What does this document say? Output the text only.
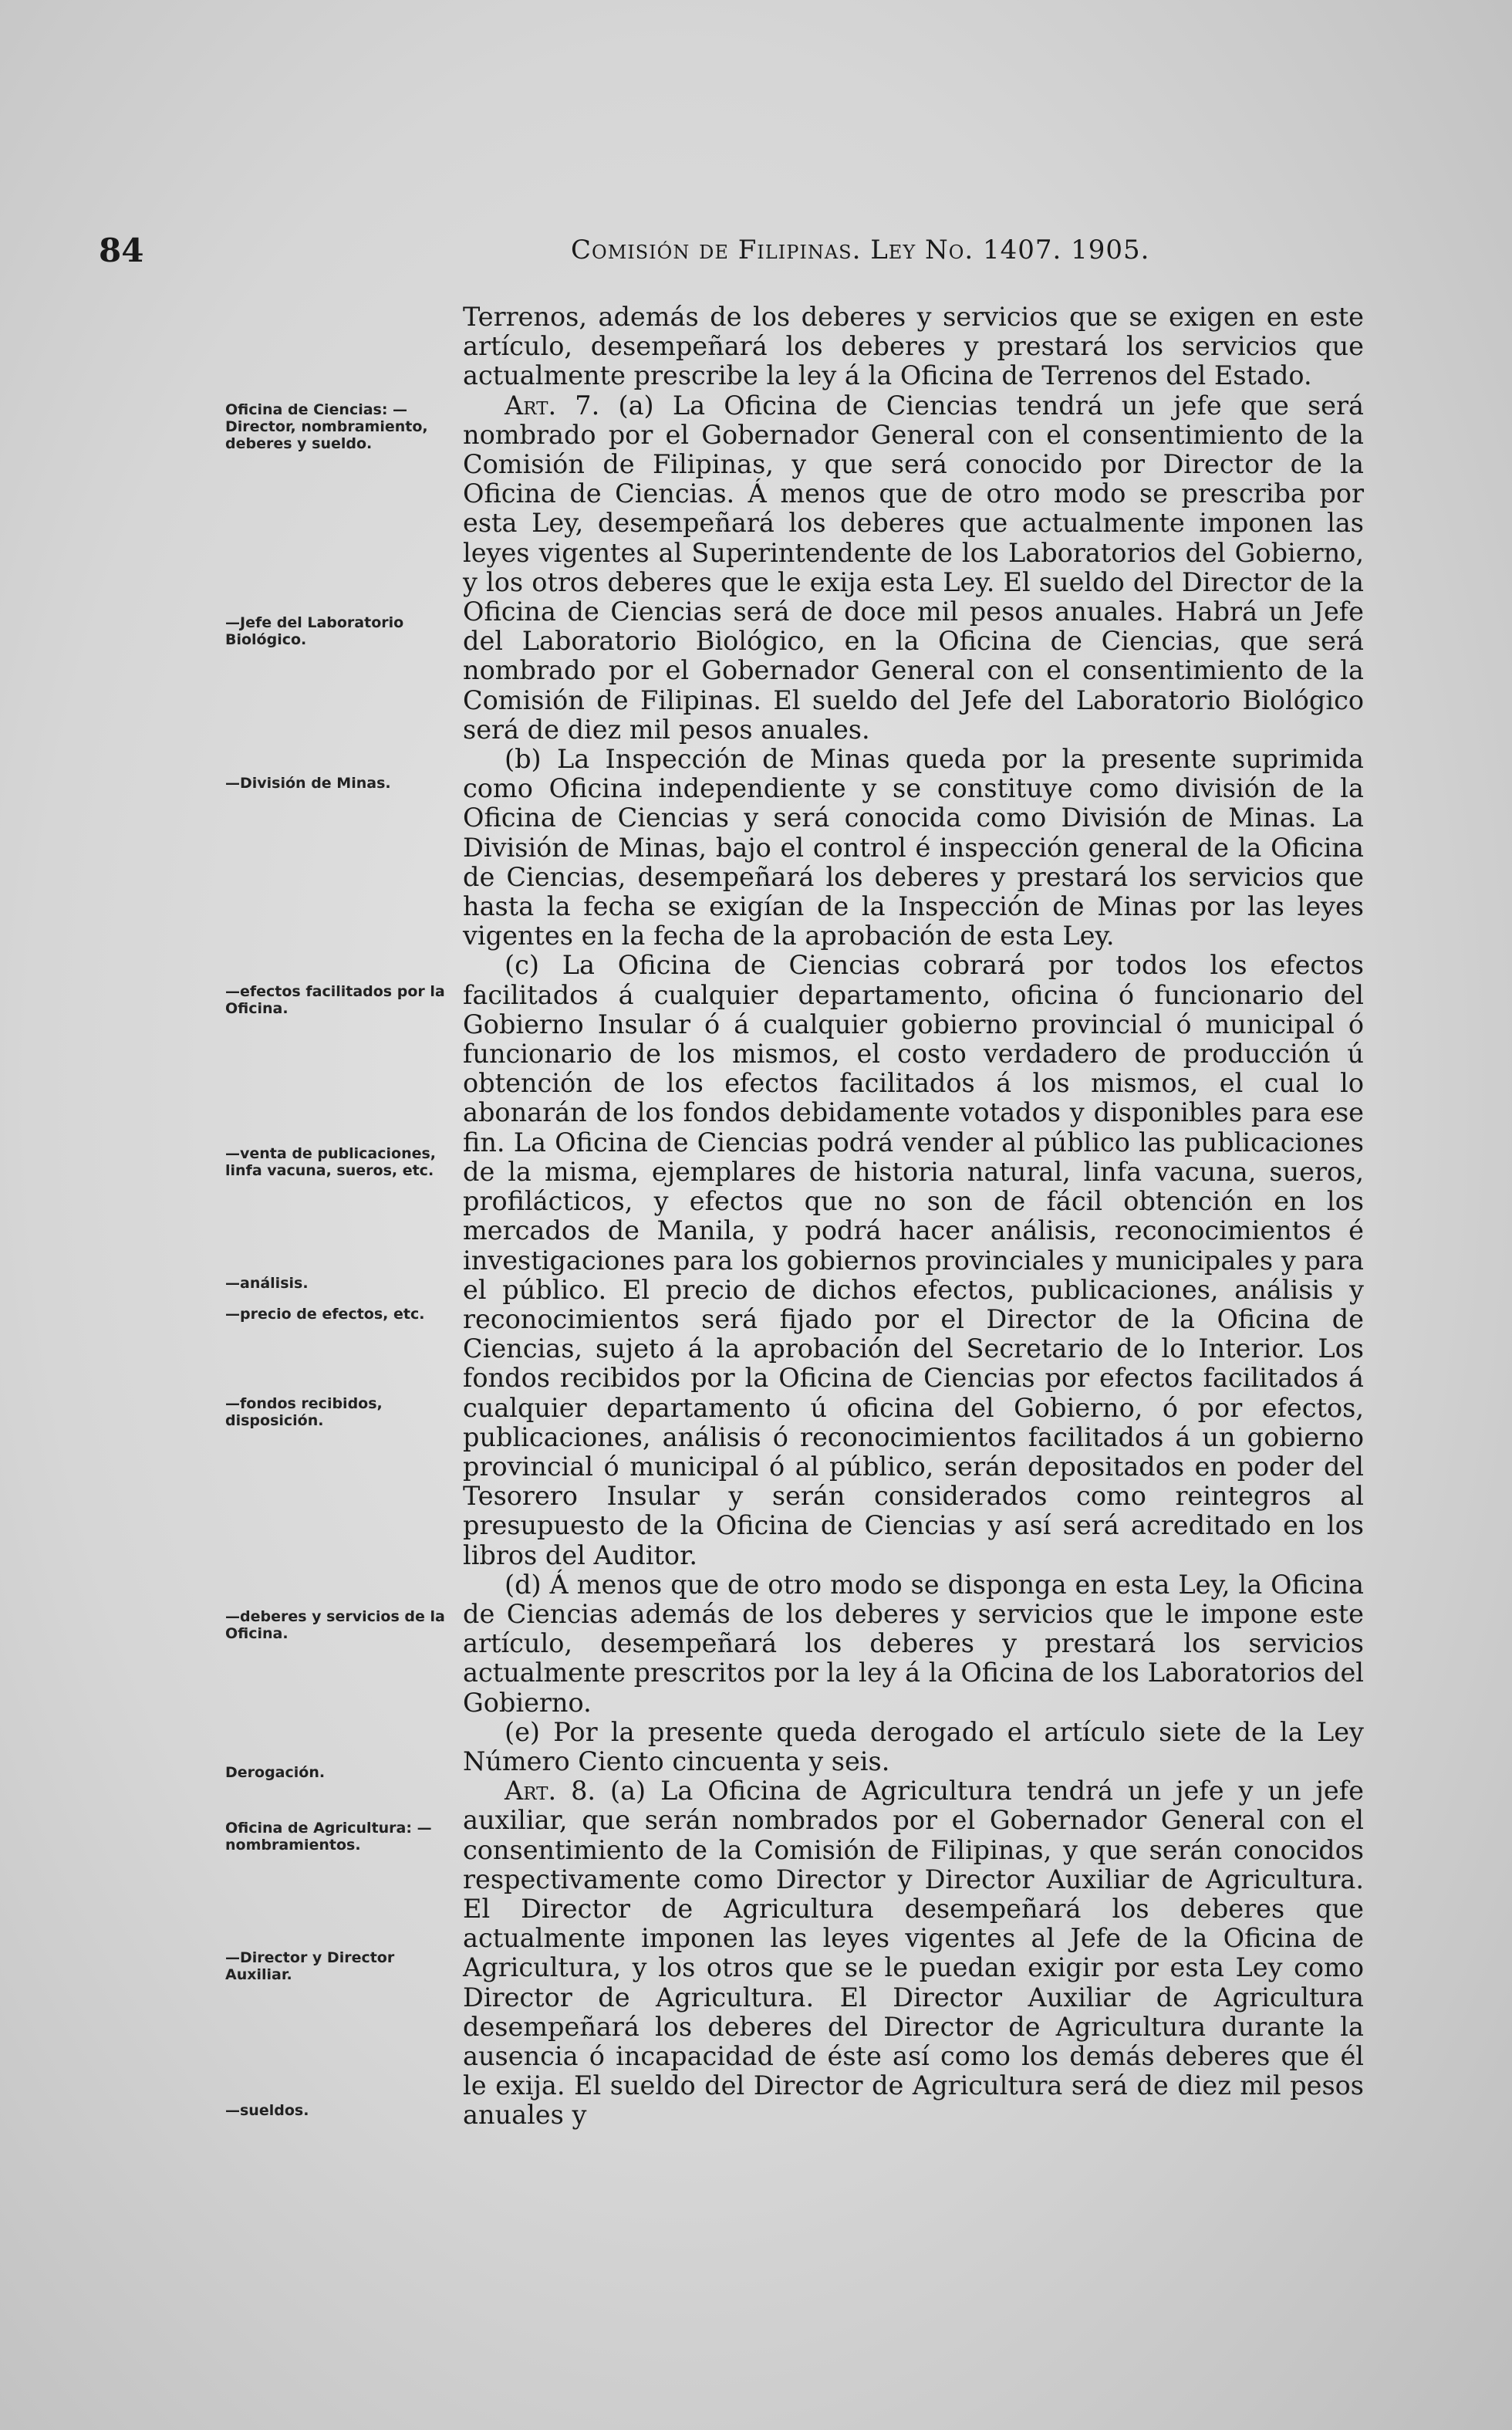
84	Comisión de Filipinas. Ley No. 1407. 1905.
Oficina de Ciencias: —Director, nombramiento, deberes y sueldo.
—Jefe del Laboratorio Biológico.
—División de Minas.
—efectos facilitados por la Oficina.
—venta de publicaciones, linfa vacuna, sueros, etc.
—análisis.
—precio de efectos, etc.
—fondos recibidos, disposición.
—deberes y servicios de la Oficina.
Derogación.
Oficina de Agricultura: —nombramientos.
—Director y Director Auxiliar.
—sueldos.

Terrenos, además de los deberes y servicios que se exigen en este artículo, desempeñará los deberes y prestará los servicios que actualmente prescribe la ley á la Oficina de Terrenos del Estado.

Art. 7. (a) La Oficina de Ciencias tendrá un jefe que será nombrado por el Gobernador General con el consentimiento de la Comisión de Filipinas, y que será conocido por Director de la Oficina de Ciencias. Á menos que de otro modo se prescriba por esta Ley, desempeñará los deberes que actualmente imponen las leyes vigentes al Superintendente de los Laboratorios del Gobierno, y los otros deberes que le exija esta Ley. El sueldo del Director de la Oficina de Ciencias será de doce mil pesos anuales. Habrá un Jefe del Laboratorio Biológico, en la Oficina de Ciencias, que será nombrado por el Gobernador General con el consentimiento de la Comisión de Filipinas. El sueldo del Jefe del Laboratorio Biológico será de diez mil pesos anuales.

(b) La Inspección de Minas queda por la presente suprimida como Oficina independiente y se constituye como división de la Oficina de Ciencias y será conocida como División de Minas. La División de Minas, bajo el control é inspección general de la Oficina de Ciencias, desempeñará los deberes y prestará los servicios que hasta la fecha se exigían de la Inspección de Minas por las leyes vigentes en la fecha de la aprobación de esta Ley.

(c) La Oficina de Ciencias cobrará por todos los efectos facilitados á cualquier departamento, oficina ó funcionario del Gobierno Insular ó á cualquier gobierno provincial ó municipal ó funcionario de los mismos, el costo verdadero de producción ú obtención de los efectos facilitados á los mismos, el cual lo abonarán de los fondos debidamente votados y disponibles para ese fin. La Oficina de Ciencias podrá vender al público las publicaciones de la misma, ejemplares de historia natural, linfa vacuna, sueros, profilácticos, y efectos que no son de fácil obtención en los mercados de Manila, y podrá hacer análisis, reconocimientos é investigaciones para los gobiernos provinciales y municipales y para el público. El precio de dichos efectos, publicaciones, análisis y reconocimientos será fijado por el Director de la Oficina de Ciencias, sujeto á la aprobación del Secretario de lo Interior. Los fondos recibidos por la Oficina de Ciencias por efectos facilitados á cualquier departamento ú oficina del Gobierno, ó por efectos, publicaciones, análisis ó reconocimientos facilitados á un gobierno provincial ó municipal ó al público, serán depositados en poder del Tesorero Insular y serán considerados como reintegros al presupuesto de la Oficina de Ciencias y así será acreditado en los libros del Auditor.

(d) Á menos que de otro modo se disponga en esta Ley, la Oficina de Ciencias además de los deberes y servicios que le impone este artículo, desempeñará los deberes y prestará los servicios actualmente prescritos por la ley á la Oficina de los Laboratorios del Gobierno.

(e) Por la presente queda derogado el artículo siete de la Ley Número Ciento cincuenta y seis.

Art. 8. (a) La Oficina de Agricultura tendrá un jefe y un jefe auxiliar, que serán nombrados por el Gobernador General con el consentimiento de la Comisión de Filipinas, y que serán conocidos respectivamente como Director y Director Auxiliar de Agricultura. El Director de Agricultura desempeñará los deberes que actualmente imponen las leyes vigentes al Jefe de la Oficina de Agricultura, y los otros que se le puedan exigir por esta Ley como Director de Agricultura. El Director Auxiliar de Agricultura desempeñará los deberes del Director de Agricultura durante la ausencia ó incapacidad de éste así como los demás deberes que él le exija. El sueldo del Director de Agricultura será de diez mil pesos anuales y
